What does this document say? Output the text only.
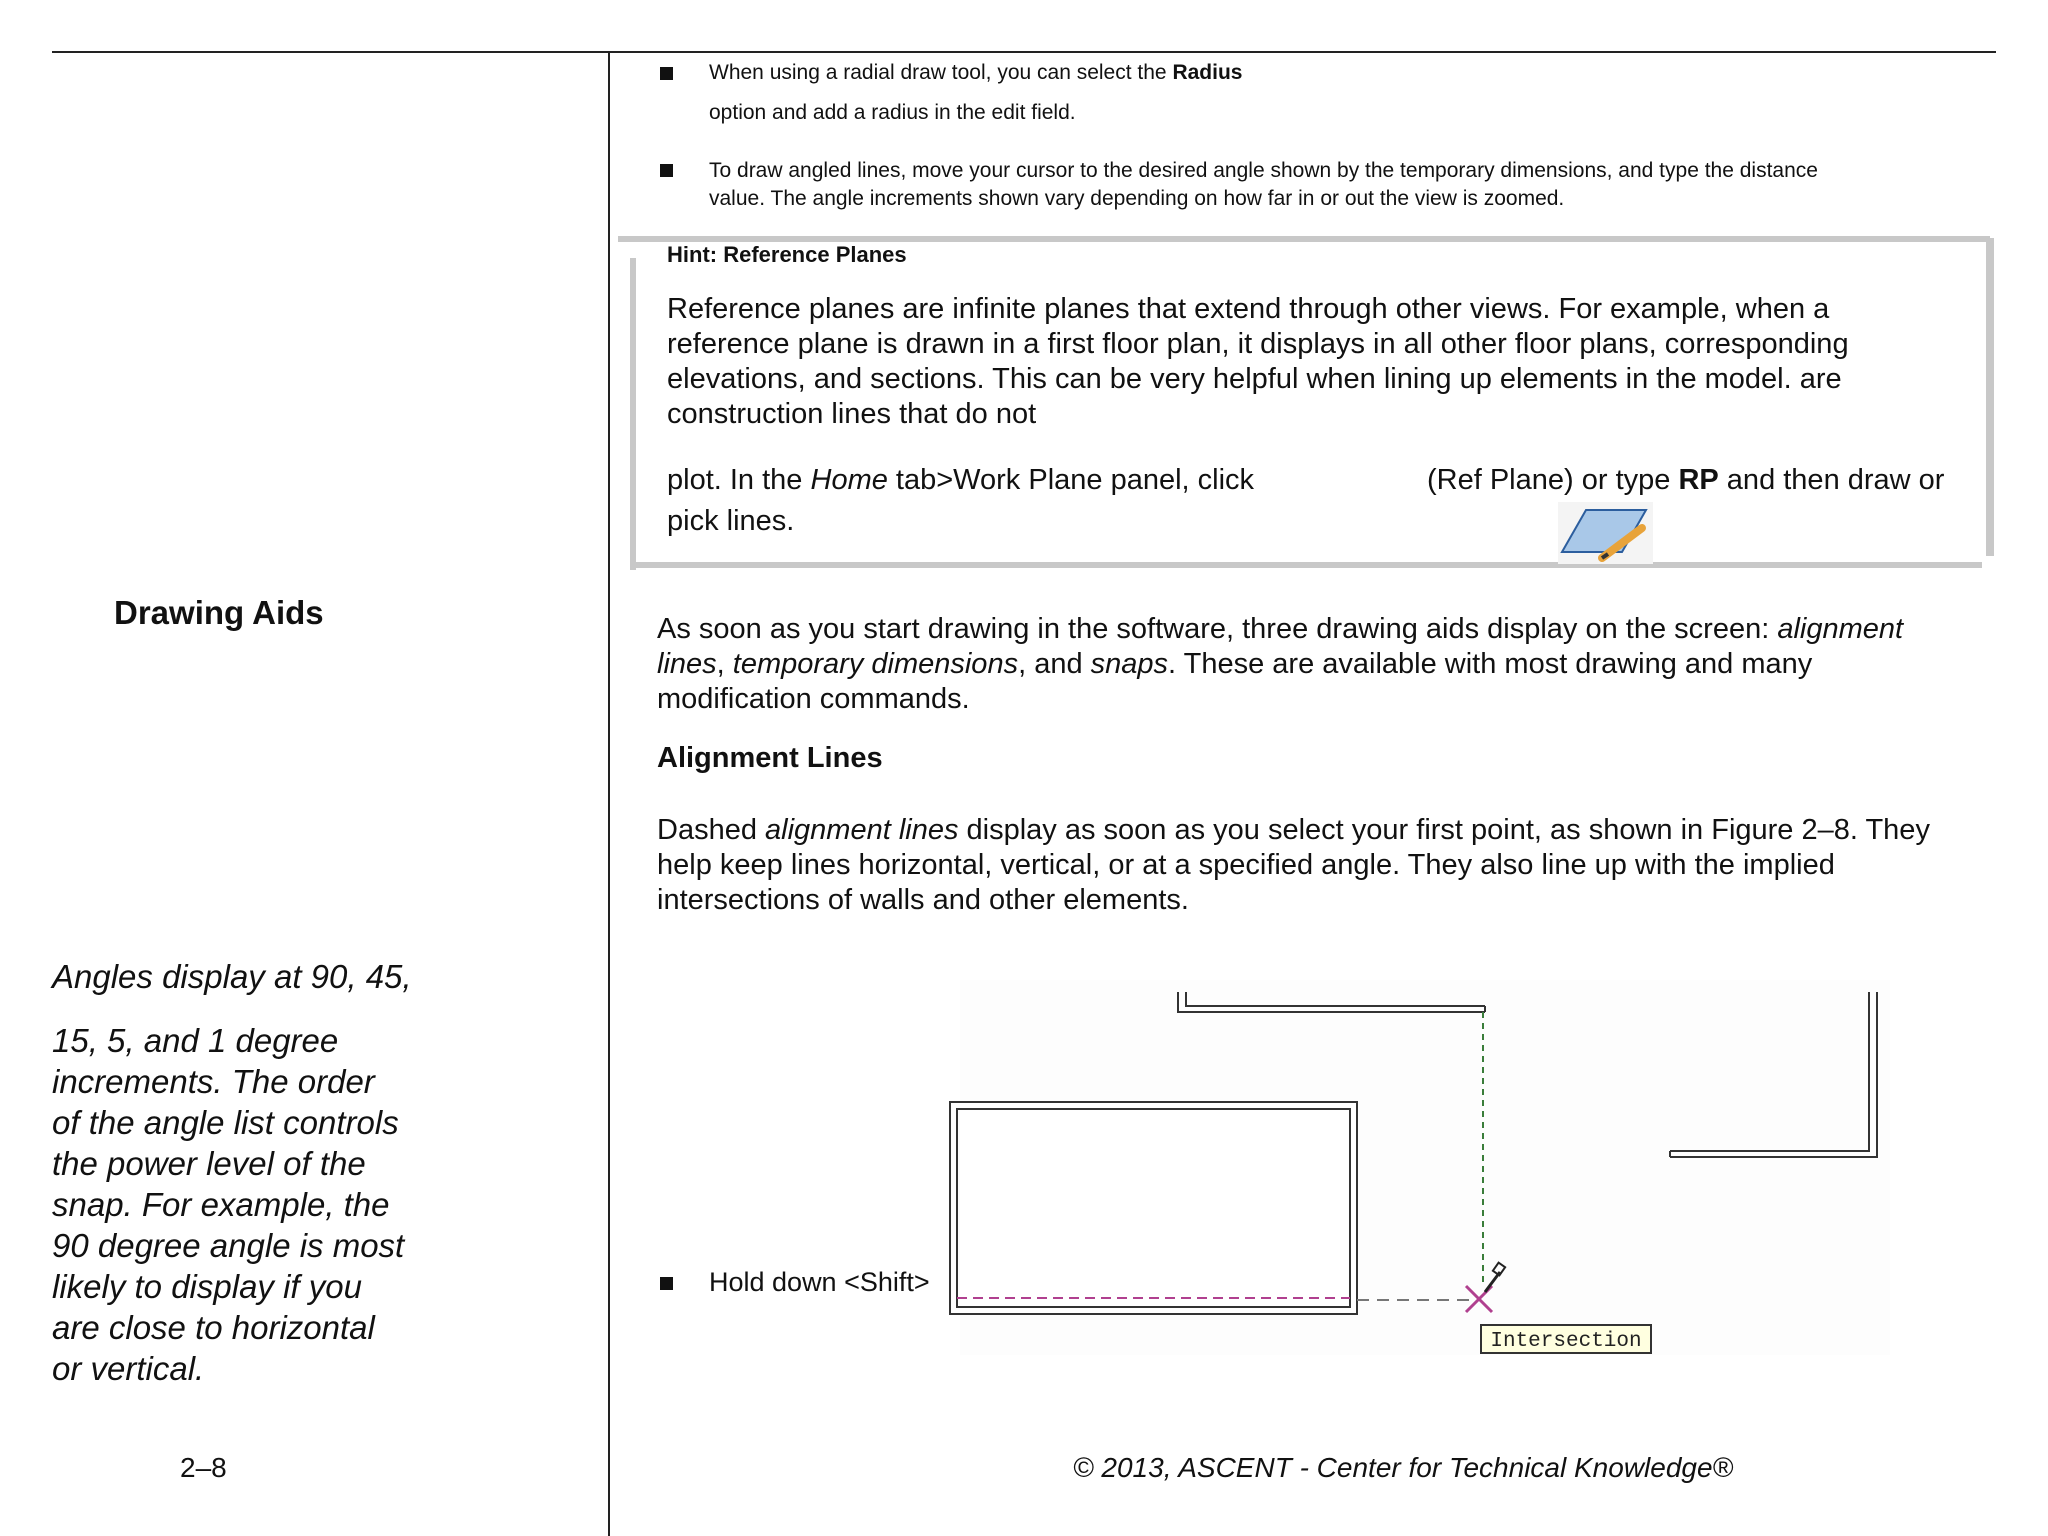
When using a radial draw tool, you can select the Radius
option and add a radius in the edit field.
To draw angled lines, move your cursor to the desired angle shown by the temporary dimensions, and type the distance
value. The angle increments shown vary depending on how far in or out the view is zoomed.
Hint: Reference Planes
Reference planes are infinite planes that extend through other views. For example, when a
reference plane is drawn in a first floor plan, it displays in all other floor plans, corresponding
elevations, and sections. This can be very helpful when lining up elements in the model. are
construction lines that do not
plot. In the Home tab>Work Plane panel, click	(Ref Plane) or type RP and then draw or
pick lines.
Drawing Aids
Angles display at 90, 45,
15, 5, and 1 degree
increments. The order
of the angle list controls
the power level of the
snap. For example, the
90 degree angle is most
likely to display if you
are close to horizontal
or vertical.
As soon as you start drawing in the software, three drawing aids display on the screen: alignment
lines, temporary dimensions, and snaps. These are available with most drawing and many
modification commands.
Alignment Lines
Dashed alignment lines display as soon as you select your first point, as shown in Figure 2–8. They
help keep lines horizontal, vertical, or at a specified angle. They also line up with the implied
intersections of walls and other elements.
Hold down <Shift>
Intersection
2–8	© 2013, ASCENT - Center for Technical Knowledge®
